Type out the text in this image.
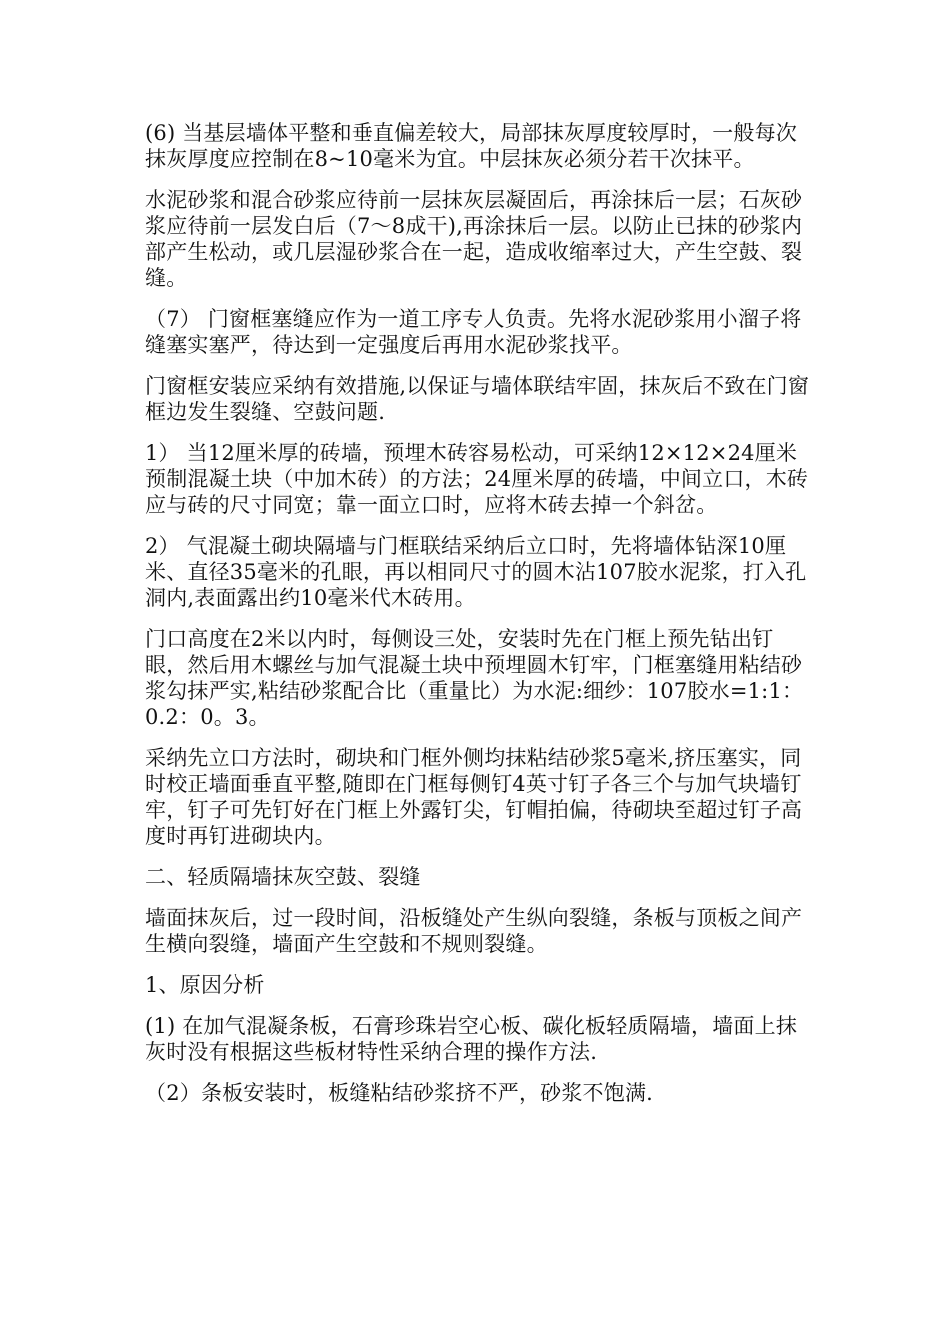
(6) 当基层墙体平整和垂直偏差较大，局部抹灰厚度较厚时，一般每次抹灰厚度应控制在8~10毫米为宜。中层抹灰必须分若干次抹平。

水泥砂浆和混合砂浆应待前一层抹灰层凝固后，再涂抹后一层；石灰砂浆应待前一层发白后（7～8成干),再涂抹后一层。以防止已抹的砂浆内部产生松动，或几层湿砂浆合在一起，造成收缩率过大，产生空鼓、裂缝。

（7） 门窗框塞缝应作为一道工序专人负责。先将水泥砂浆用小溜子将缝塞实塞严，待达到一定强度后再用水泥砂浆找平。

门窗框安装应采纳有效措施,以保证与墙体联结牢固，抹灰后不致在门窗框边发生裂缝、空鼓问题.

1） 当12厘米厚的砖墙，预埋木砖容易松动，可采纳12×12×24厘米预制混凝土块（中加木砖）的方法；24厘米厚的砖墙，中间立口，木砖应与砖的尺寸同宽；靠一面立口时，应将木砖去掉一个斜岔。

2） 气混凝土砌块隔墙与门框联结采纳后立口时，先将墙体钻深10厘米、直径35毫米的孔眼，再以相同尺寸的圆木沾107胶水泥浆，打入孔洞内,表面露出约10毫米代木砖用。

门口高度在2米以内时，每侧设三处，安装时先在门框上预先钻出钉眼，然后用木螺丝与加气混凝土块中预埋圆木钉牢，门框塞缝用粘结砂浆勾抹严实,粘结砂浆配合比（重量比）为水泥:细纱：107胶水=1:1：0.2：0。3。

采纳先立口方法时，砌块和门框外侧均抹粘结砂浆5毫米,挤压塞实，同时校正墙面垂直平整,随即在门框每侧钉4英寸钉子各三个与加气块墙钉牢，钉子可先钉好在门框上外露钉尖，钉帽拍偏，待砌块至超过钉子高度时再钉进砌块内。

二、轻质隔墙抹灰空鼓、裂缝

墙面抹灰后，过一段时间，沿板缝处产生纵向裂缝，条板与顶板之间产生横向裂缝，墙面产生空鼓和不规则裂缝。

1、原因分析

(1) 在加气混凝条板，石膏珍珠岩空心板、碳化板轻质隔墙，墙面上抹灰时没有根据这些板材特性采纳合理的操作方法.

（2）条板安装时，板缝粘结砂浆挤不严，砂浆不饱满.
